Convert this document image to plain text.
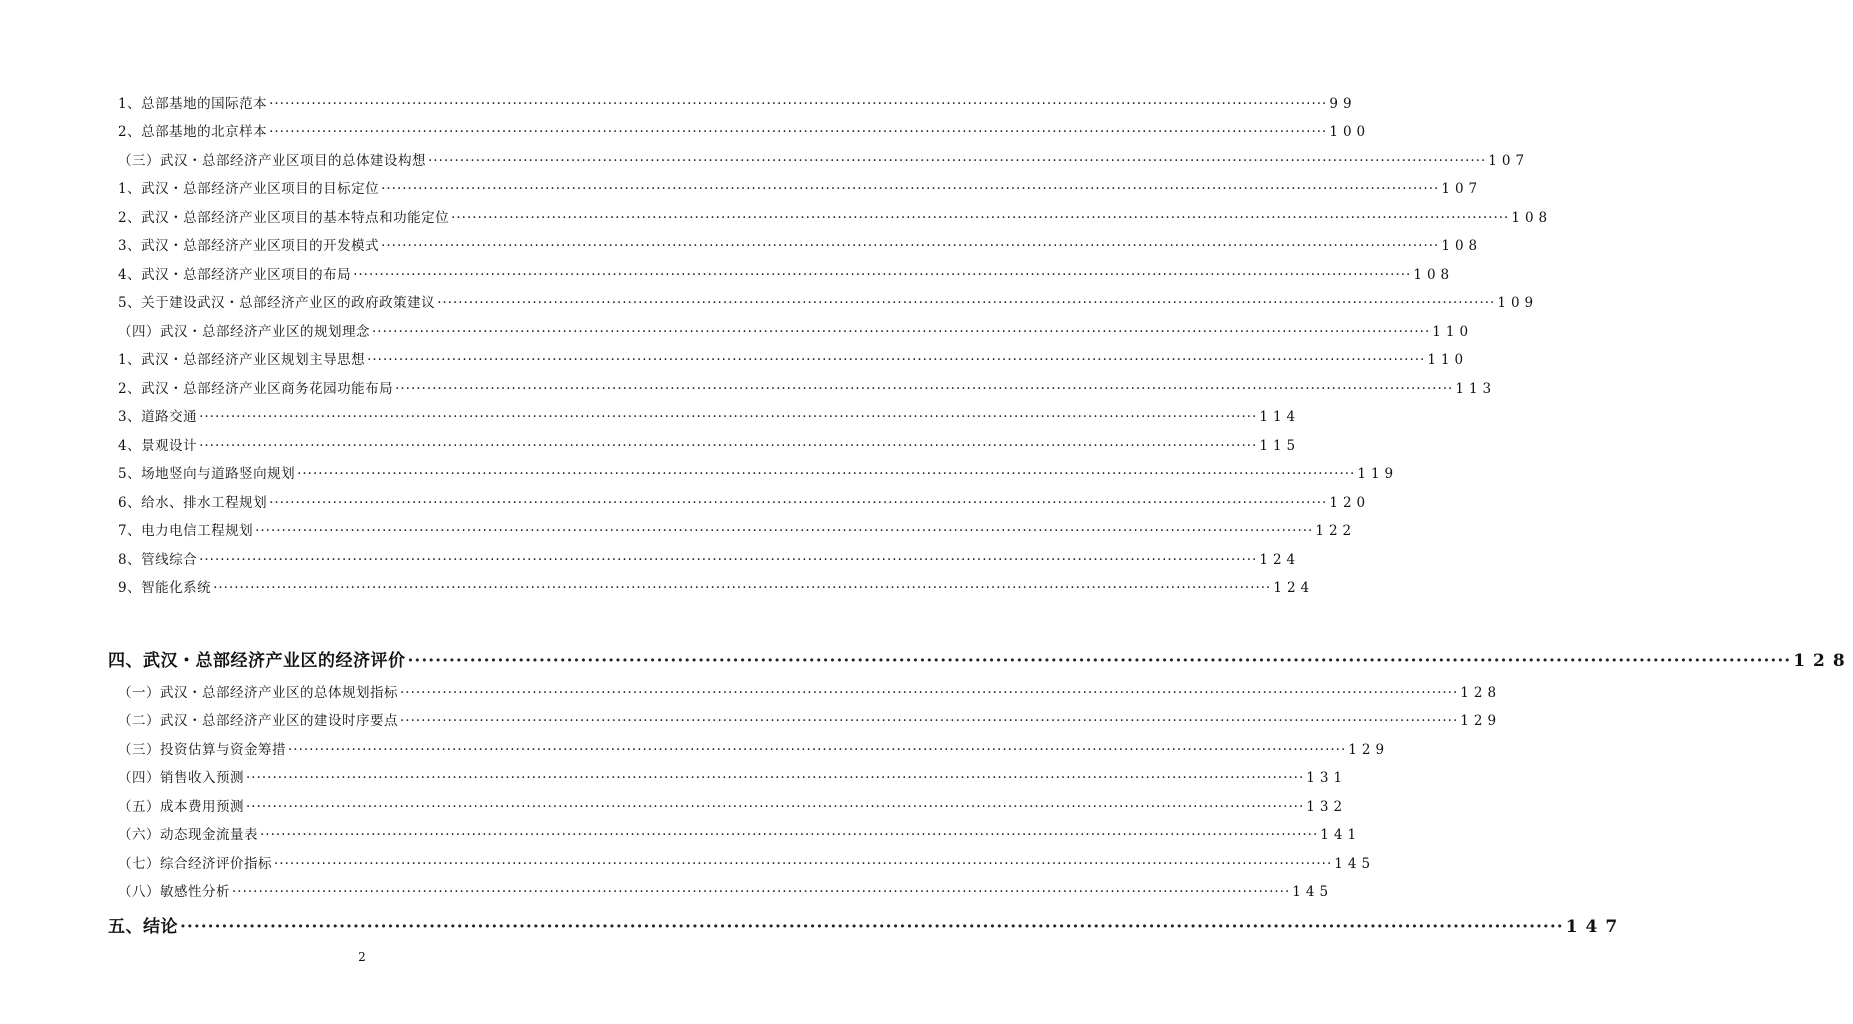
1、总部基地的国际范本 ········································································································································································································ 99
2、总部基地的北京样本 ········································································································································································································ 100
（三）武汉・总部经济产业区项目的总体建设构想 ········································································································································································································ 107
1、武汉・总部经济产业区项目的目标定位 ········································································································································································································ 107
2、武汉・总部经济产业区项目的基本特点和功能定位 ········································································································································································································ 108
3、武汉・总部经济产业区项目的开发模式 ········································································································································································································ 108
4、武汉・总部经济产业区项目的布局 ········································································································································································································ 108
5、关于建设武汉・总部经济产业区的政府政策建议 ········································································································································································································ 109
（四）武汉・总部经济产业区的规划理念 ········································································································································································································ 110
1、武汉・总部经济产业区规划主导思想 ········································································································································································································ 110
2、武汉・总部经济产业区商务花园功能布局 ········································································································································································································ 113
3、道路交通 ········································································································································································································ 114
4、景观设计 ········································································································································································································ 115
5、场地竖向与道路竖向规划 ········································································································································································································ 119
6、给水、排水工程规划 ········································································································································································································ 120
7、电力电信工程规划 ········································································································································································································ 122
8、管线综合 ········································································································································································································ 124
9、智能化系统 ········································································································································································································ 124
四、武汉・总部经济产业区的经济评价 ········································································································································································································ 128
（一）武汉・总部经济产业区的总体规划指标 ········································································································································································································ 128
（二）武汉・总部经济产业区的建设时序要点 ········································································································································································································ 129
（三）投资估算与资金筹措 ········································································································································································································ 129
（四）销售收入预测 ········································································································································································································ 131
（五）成本费用预测 ········································································································································································································ 132
（六）动态现金流量表 ········································································································································································································ 141
（七）综合经济评价指标 ········································································································································································································ 145
（八）敏感性分析 ········································································································································································································ 145
五、结论 ········································································································································································································ 147
2
